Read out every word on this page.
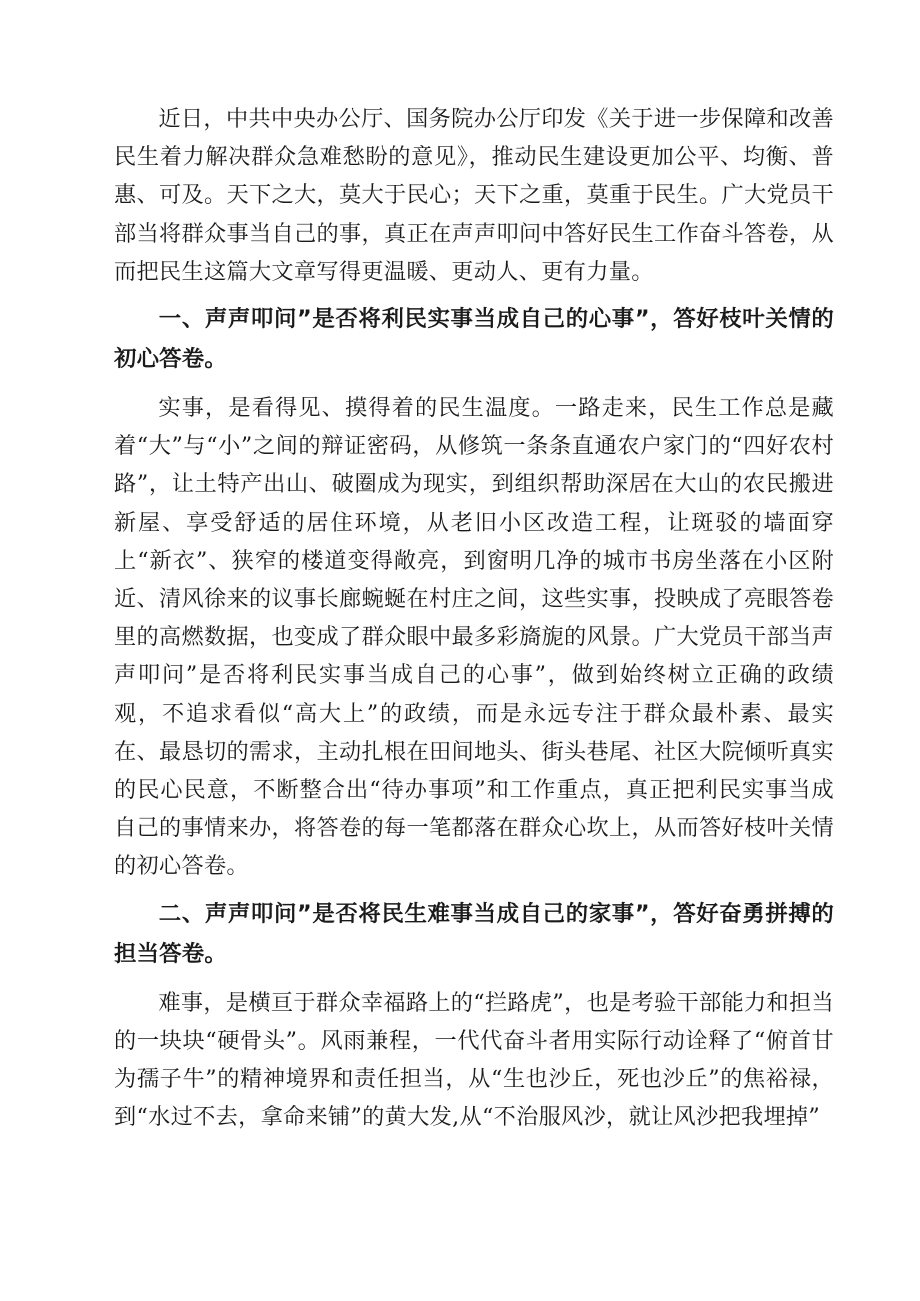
近日，中共中央办公厅、国务院办公厅印发《关于进一步保障和改善民生着力解决群众急难愁盼的意见》，推动民生建设更加公平、均衡、普惠、可及。天下之大，莫大于民心；天下之重，莫重于民生。广大党员干部当将群众事当自己的事，真正在声声叩问中答好民生工作奋斗答卷，从而把民生这篇大文章写得更温暖、更动人、更有力量。

一、声声叩问”是否将利民实事当成自己的心事”，答好枝叶关情的初心答卷。

实事，是看得见、摸得着的民生温度。一路走来，民生工作总是藏着“大”与“小”之间的辩证密码，从修筑一条条直通农户家门的“四好农村路”，让土特产出山、破圈成为现实，到组织帮助深居在大山的农民搬进新屋、享受舒适的居住环境，从老旧小区改造工程，让斑驳的墙面穿上“新衣”、狭窄的楼道变得敞亮，到窗明几净的城市书房坐落在小区附近、清风徐来的议事长廊蜿蜒在村庄之间，这些实事，投映成了亮眼答卷里的高燃数据，也变成了群众眼中最多彩旖旎的风景。广大党员干部当声声叩问”是否将利民实事当成自己的心事”，做到始终树立正确的政绩观，不追求看似“高大上”的政绩，而是永远专注于群众最朴素、最实在、最恳切的需求，主动扎根在田间地头、街头巷尾、社区大院倾听真实的民心民意，不断整合出“待办事项”和工作重点，真正把利民实事当成自己的事情来办，将答卷的每一笔都落在群众心坎上，从而答好枝叶关情的初心答卷。

二、声声叩问”是否将民生难事当成自己的家事”，答好奋勇拼搏的担当答卷。

难事，是横亘于群众幸福路上的“拦路虎”，也是考验干部能力和担当的一块块“硬骨头”。风雨兼程，一代代奋斗者用实际行动诠释了“俯首甘为孺子牛”的精神境界和责任担当，从“生也沙丘，死也沙丘”的焦裕禄，到“水过不去，拿命来铺”的黄大发,从“不治服风沙，就让风沙把我埋掉”
